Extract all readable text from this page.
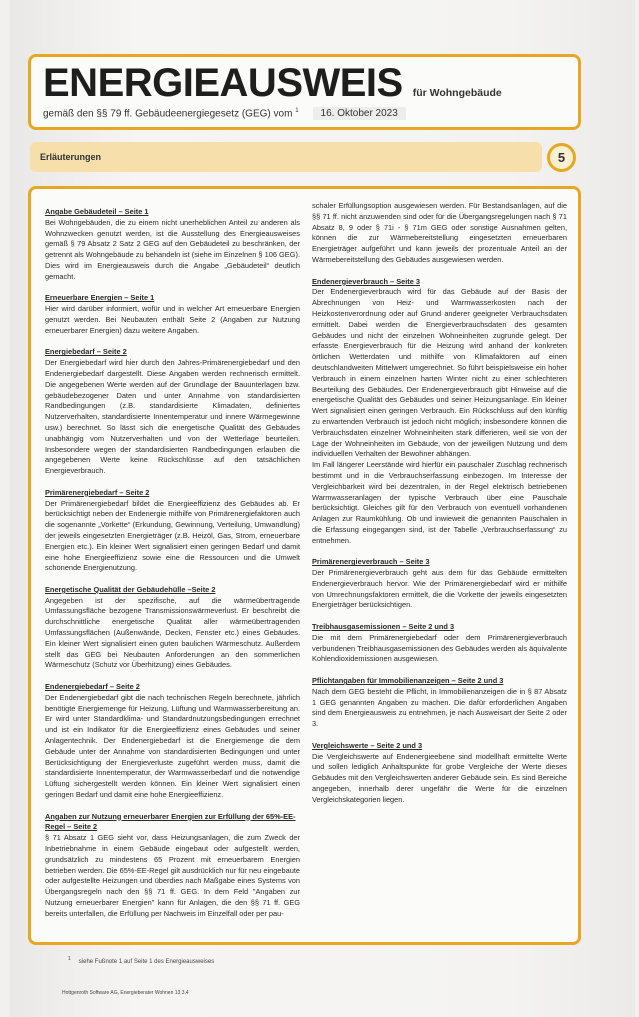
ENERGIEAUSWEIS für Wohngebäude
gemäß den §§ 79 ff. Gebäudeenergiegesetz (GEG) vom $^1$	16. Oktober 2023
Erläuterungen	5
Angabe Gebäudeteil – Seite 1

Bei Wohngebäuden, die zu einem nicht unerheblichen Anteil zu anderen als Wohnzwecken genutzt werden, ist die Ausstellung des Energieausweises gemäß § 79 Absatz 2 Satz 2 GEG auf den Gebäudeteil zu beschränken, der getrennt als Wohngebäude zu behandeln ist (siehe im Einzelnen § 106 GEG). Dies wird im Energieausweis durch die Angabe „Gebäudeteil“ deutlich gemacht.

Erneuerbare Energien – Seite 1

Hier wird darüber informiert, wofür und in welcher Art erneuerbare Energien genutzt werden. Bei Neubauten enthält Seite 2 (Angaben zur Nutzung erneuerbarer Energien) dazu weitere Angaben.

Energiebedarf – Seite 2

Der Energiebedarf wird hier durch den Jahres-Primärenergiebedarf und den Endenergiebedarf dargestellt. Diese Angaben werden rechnerisch ermittelt. Die angegebenen Werte werden auf der Grundlage der Bauunterlagen bzw. gebäudebezogener Daten und unter Annahme von standardisierten Randbedingungen (z.B. standardisierte Klimadaten, definiertes Nutzerverhalten, standardisierte Innentemperatur und innere Wärmegewinne usw.) berechnet. So lässt sich die energetische Qualität des Gebäudes unabhängig vom Nutzerverhalten und von der Wetterlage beurteilen. Insbesondere wegen der standardisierten Randbedingungen erlauben die angegebenen Werte keine Rückschlüsse auf den tatsächlichen Energieverbrauch.

Primärenergiebedarf – Seite 2

Der Primärenergiebedarf bildet die Energieeffizienz des Gebäudes ab. Er berücksichtigt neben der Endenergie mithilfe von Primärenergiefaktoren auch die sogenannte „Vorkette“ (Erkundung, Gewinnung, Verteilung, Umwandlung) der jeweils eingesetzten Energieträger (z.B. Heizöl, Gas, Strom, erneuerbare Energien etc.). Ein kleiner Wert signalisiert einen geringen Bedarf und damit eine hohe Energieeffizienz sowie eine die Ressourcen und die Umwelt schonende Energienutzung.

Energetische Qualität der Gebäudehülle –Seite 2

Angegeben ist der spezifische, auf die wärmeübertragende Umfassungsfläche bezogene Transmissionswärmeverlust. Er beschreibt die durchschnittliche energetische Qualität aller wärmeübertragenden Umfassungsflächen (Außenwände, Decken, Fenster etc.) eines Gebäudes. Ein kleiner Wert signalisiert einen guten baulichen Wärmeschutz. Außerdem stellt das GEG bei Neubauten Anforderungen an den sommerlichen Wärmeschutz (Schutz vor Überhitzung) eines Gebäudes.

Endenergiebedarf – Seite 2

Der Endenergiebedarf gibt die nach technischen Regeln berechnete, jährlich benötigte Energiemenge für Heizung, Lüftung und Warmwasserbereitung an. Er wird unter Standardklima- und Standardnutzungsbedingungen errechnet und ist ein Indikator für die Energieeffizienz eines Gebäudes und seiner Anlagentechnik. Der Endenergiebedarf ist die Energiemenge die dem Gebäude unter der Annahme von standardisierten Bedingungen und unter Berücksichtigung der Energieverluste zugeführt werden muss, damit die standardisierte Innentemperatur, der Warmwasserbedarf und die notwendige Lüftung sichergestellt werden können. Ein kleiner Wert signalisiert einen geringen Bedarf und damit eine hohe Energieeffizienz.

Angaben zur Nutzung erneuerbarer Energien zur Erfüllung der 65%-EE-Regel – Seite 2

§ 71 Absatz 1 GEG sieht vor, dass Heizungsanlagen, die zum Zweck der Inbetriebnahme in einem Gebäude eingebaut oder aufgestellt werden, grundsätzlich zu mindestens 65 Prozent mit erneuerbarem Energien betrieben werden. Die 65%-EE-Regel gilt ausdrücklich nur für neu eingebaute oder aufgestellte Heizungen und überdies nach Maßgabe eines Systems von Übergangsregeln nach den §§ 71 ff. GEG. In dem Feld "Angaben zur Nutzung erneuerbarer Energien" kann für Anlagen, die den §§ 71 ff. GEG bereits unterfallen, die Erfüllung per Nachweis im Einzelfall oder per pau-

schaler Erfüllungsoption ausgewiesen werden. Für Bestandsanlagen, auf die §§ 71 ff. nicht anzuwenden sind oder für die Übergangsregelungen nach § 71 Absatz 8, 9 oder § 71i - § 71m GEG oder sonstige Ausnahmen gelten, können die zur Wärmebereitstellung eingesetzten erneuerbaren Energieträger aufgeführt und kann jeweils der prozentuale Anteil an der Wärmebereitstellung des Gebäudes ausgewiesen werden.

Endenergieverbrauch – Seite 3

Der Endenergieverbrauch wird für das Gebäude auf der Basis der Abrechnungen von Heiz- und Warmwasserkosten nach der Heizkostenverordnung oder auf Grund anderer geeigneter Verbrauchsdaten ermittelt. Dabei werden die Energieverbrauchsdaten des gesamten Gebäudes und nicht der einzelnen Wohneinheiten zugrunde gelegt. Der erfasste Energieverbrauch für die Heizung wird anhand der konkreten örtlichen Wetterdaten und mithilfe von Klimafaktoren auf einen deutschlandweiten Mittelwert umgerechnet. So führt beispielsweise ein hoher Verbrauch in einem einzelnen harten Winter nicht zu einer schlechteren Beurteilung des Gebäudes. Der Endenergieverbrauch gibt Hinweise auf die energetische Qualität des Gebäudes und seiner Heizungsanlage. Ein kleiner Wert signalisiert einen geringen Verbrauch. Ein Rückschluss auf den künftig zu erwartenden Verbrauch ist jedoch nicht möglich; insbesondere können die Verbrauchsdaten einzelner Wohneinheiten stark differieren, weil sie von der Lage der Wohneinheiten im Gebäude, von der jeweiligen Nutzung und dem individuellen Verhalten der Bewohner abhängen.

Im Fall längerer Leerstände wird hierfür ein pauschaler Zuschlag rechnerisch bestimmt und in die Verbrauchserfassung einbezogen. Im Interesse der Vergleichbarkeit wird bei dezentralen, in der Regel elektrisch betriebenen Warmwasseranlagen der typische Verbrauch über eine Pauschale berücksichtigt. Gleiches gilt für den Verbrauch von eventuell vorhandenen Anlagen zur Raumkühlung. Ob und inwieweit die genannten Pauschalen in die Erfassung eingegangen sind, ist der Tabelle „Verbrauchserfassung“ zu entnehmen.

Primärenergieverbrauch – Seite 3

Der Primärenergieverbrauch geht aus dem für das Gebäude ermittelten Endenergieverbrauch hervor. Wie der Primärenergiebedarf wird er mithilfe von Umrechnungsfaktoren ermittelt, die die Vorkette der jeweils eingesetzten Energieträger berücksichtigen.

Treibhausgasemissionen – Seite 2 und 3

Die mit dem Primärenergiebedarf oder dem Primärenergieverbrauch verbundenen Treibhausgasemissionen des Gebäudes werden als äquivalente Kohlendioxidemissionen ausgewiesen.

Pflichtangaben für Immobilienanzeigen – Seite 2 und 3

Nach dem GEG besteht die Pflicht, in Immobilienanzeigen die in § 87 Absatz 1 GEG genannten Angaben zu machen. Die dafür erforderlichen Angaben sind dem Energieausweis zu entnehmen, je nach Ausweisart der Seite 2 oder 3.

Vergleichswerte – Seite 2 und 3

Die Vergleichswerte auf Endenergieebene sind modellhaft ermittelte Werte und sollen lediglich Anhaltspunkte für grobe Vergleiche der Werte dieses Gebäudes mit den Vergleichswerten anderer Gebäude sein. Es sind Bereiche angegeben, innerhalb derer ungefähr die Werte für die einzelnen Vergleichskategorien liegen.

$^1$ siehe Fußnote 1 auf Seite 1 des Energieausweises
Hottgenroth Software AG, Energieberater Wohnen 13.3.4
